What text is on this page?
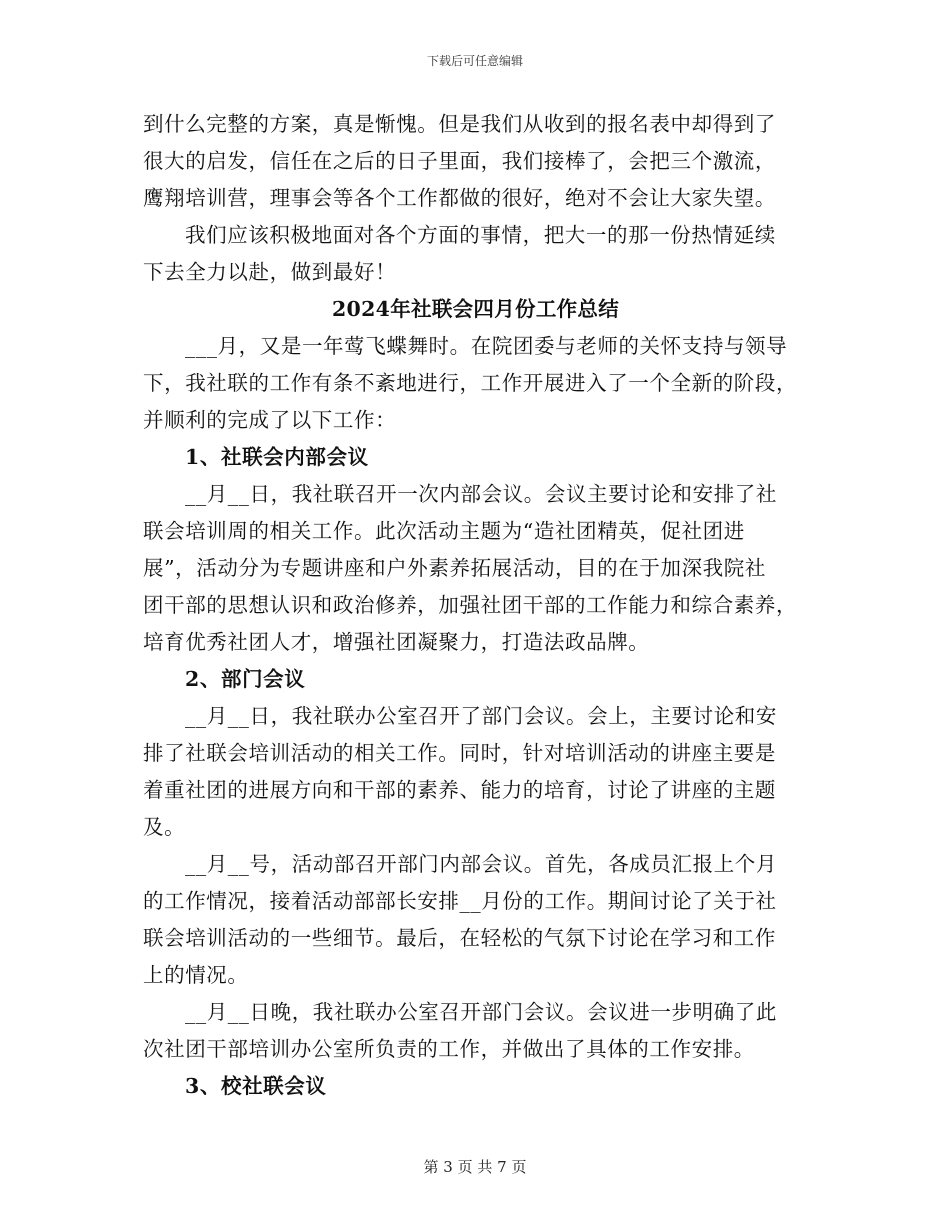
下载后可任意编辑
到什么完整的方案，真是惭愧。但是我们从收到的报名表中却得到了
很大的启发，信任在之后的日子里面，我们接棒了，会把三个激流，
鹰翔培训营，理事会等各个工作都做的很好，绝对不会让大家失望。
我们应该积极地面对各个方面的事情，把大一的那一份热情延续
下去全力以赴，做到最好！
2024年社联会四月份工作总结
___月，又是一年莺飞蝶舞时。在院团委与老师的关怀支持与领导
下，我社联的工作有条不紊地进行，工作开展进入了一个全新的阶段，
并顺利的完成了以下工作：
1、社联会内部会议
__月__日，我社联召开一次内部会议。会议主要讨论和安排了社
联会培训周的相关工作。此次活动主题为“造社团精英，促社团进
展”，活动分为专题讲座和户外素养拓展活动，目的在于加深我院社
团干部的思想认识和政治修养，加强社团干部的工作能力和综合素养，
培育优秀社团人才，增强社团凝聚力，打造法政品牌。
2、部门会议
__月__日，我社联办公室召开了部门会议。会上，主要讨论和安
排了社联会培训活动的相关工作。同时，针对培训活动的讲座主要是
着重社团的进展方向和干部的素养、能力的培育，讨论了讲座的主题
及。
__月__号，活动部召开部门内部会议。首先，各成员汇报上个月
的工作情况，接着活动部部长安排__月份的工作。期间讨论了关于社
联会培训活动的一些细节。最后，在轻松的气氛下讨论在学习和工作
上的情况。
__月__日晚，我社联办公室召开部门会议。会议进一步明确了此
次社团干部培训办公室所负责的工作，并做出了具体的工作安排。
3、校社联会议
第 3 页 共 7 页
